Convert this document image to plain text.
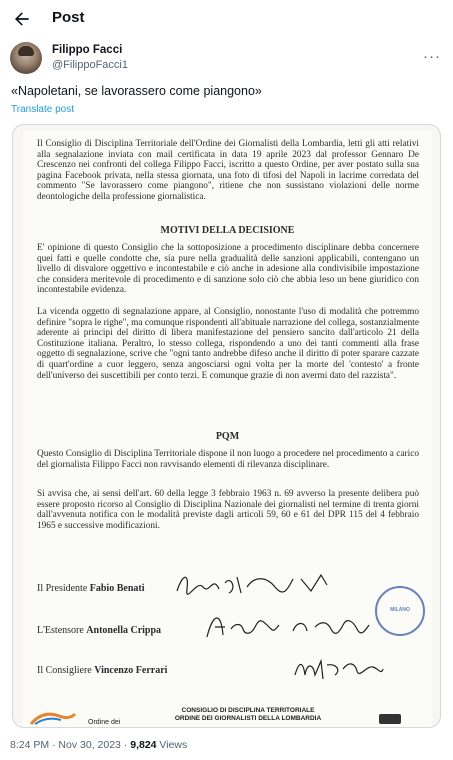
Post
Filippo Facci
@FilippoFacci1	···
«Napoletani, se lavorassero come piangono»
Translate post
Il Consiglio di Disciplina Territoriale dell'Ordine dei Giornalisti della Lombardia, letti gli atti relativi alla segnalazione inviata con mail certificata in data 19 aprile 2023 dal professor Gennaro De Crescenzo nei confronti del collega Filippo Facci, iscritto a questo Ordine, per aver postato sulla sua pagina Facebook privata, nella stessa giornata, una foto di tifosi del Napoli in lacrime corredata del commento "Se lavorassero come piangono", ritiene che non sussistano violazioni delle norme deontologiche della professione giornalistica.
MOTIVI DELLA DECISIONE
E' opinione di questo Consiglio che la sottoposizione a procedimento disciplinare debba concernere quei fatti e quelle condotte che, sia pure nella gradualità delle sanzioni applicabili, contengano un livello di disvalore oggettivo e incontestabile e ciò anche in adesione alla condivisibile impostazione che considera meritevole di procedimento e di sanzione solo ciò che abbia leso un bene giuridico con incontestabile evidenza.
La vicenda oggetto di segnalazione appare, al Consiglio, nonostante l'uso di modalità che potremmo definire "sopra le righe", ma comunque rispondenti all'abituale narrazione del collega, sostanzialmente aderente ai principi del diritto di libera manifestazione del pensiero sancito dall'articolo 21 della Costituzione italiana. Peraltro, lo stesso collega, rispondendo a uno dei tanti commenti alla frase oggetto di segnalazione, scrive che "ogni tanto andrebbe difeso anche il diritto di poter sparare cazzate di quart'ordine a cuor leggero, senza angosciarsi ogni volta per la morte del 'contesto' a fronte dell'universo dei suscettibili per conto terzi. E comunque grazie di non avermi dato del razzista".
PQM
Questo Consiglio di Disciplina Territoriale dispone il non luogo a procedere nel procedimento a carico del giornalista Filippo Facci non ravvisando elementi di rilevanza disciplinare.
Si avvisa che, ai sensi dell'art. 60 della legge 3 febbraio 1963 n. 69 avverso la presente delibera può essere proposto ricorso al Consiglio di Disciplina Nazionale dei giornalisti nel termine di trenta giorni dall'avvenuta notifica con le modalità previste dagli articoli 59, 60 e 61 del DPR 115 del 4 febbraio 1965 e successive modificazioni.
Il Presidente Fabio Benati
L'Estensore Antonella Crippa
Il Consigliere Vincenzo Ferrari
MILANO
Ordine dei
CONSIGLIO DI DISCIPLINA TERRITORIALE
ORDINE DEI GIORNALISTI DELLA LOMBARDIA
8:24 PM · Nov 30, 2023 · 9,824 Views
